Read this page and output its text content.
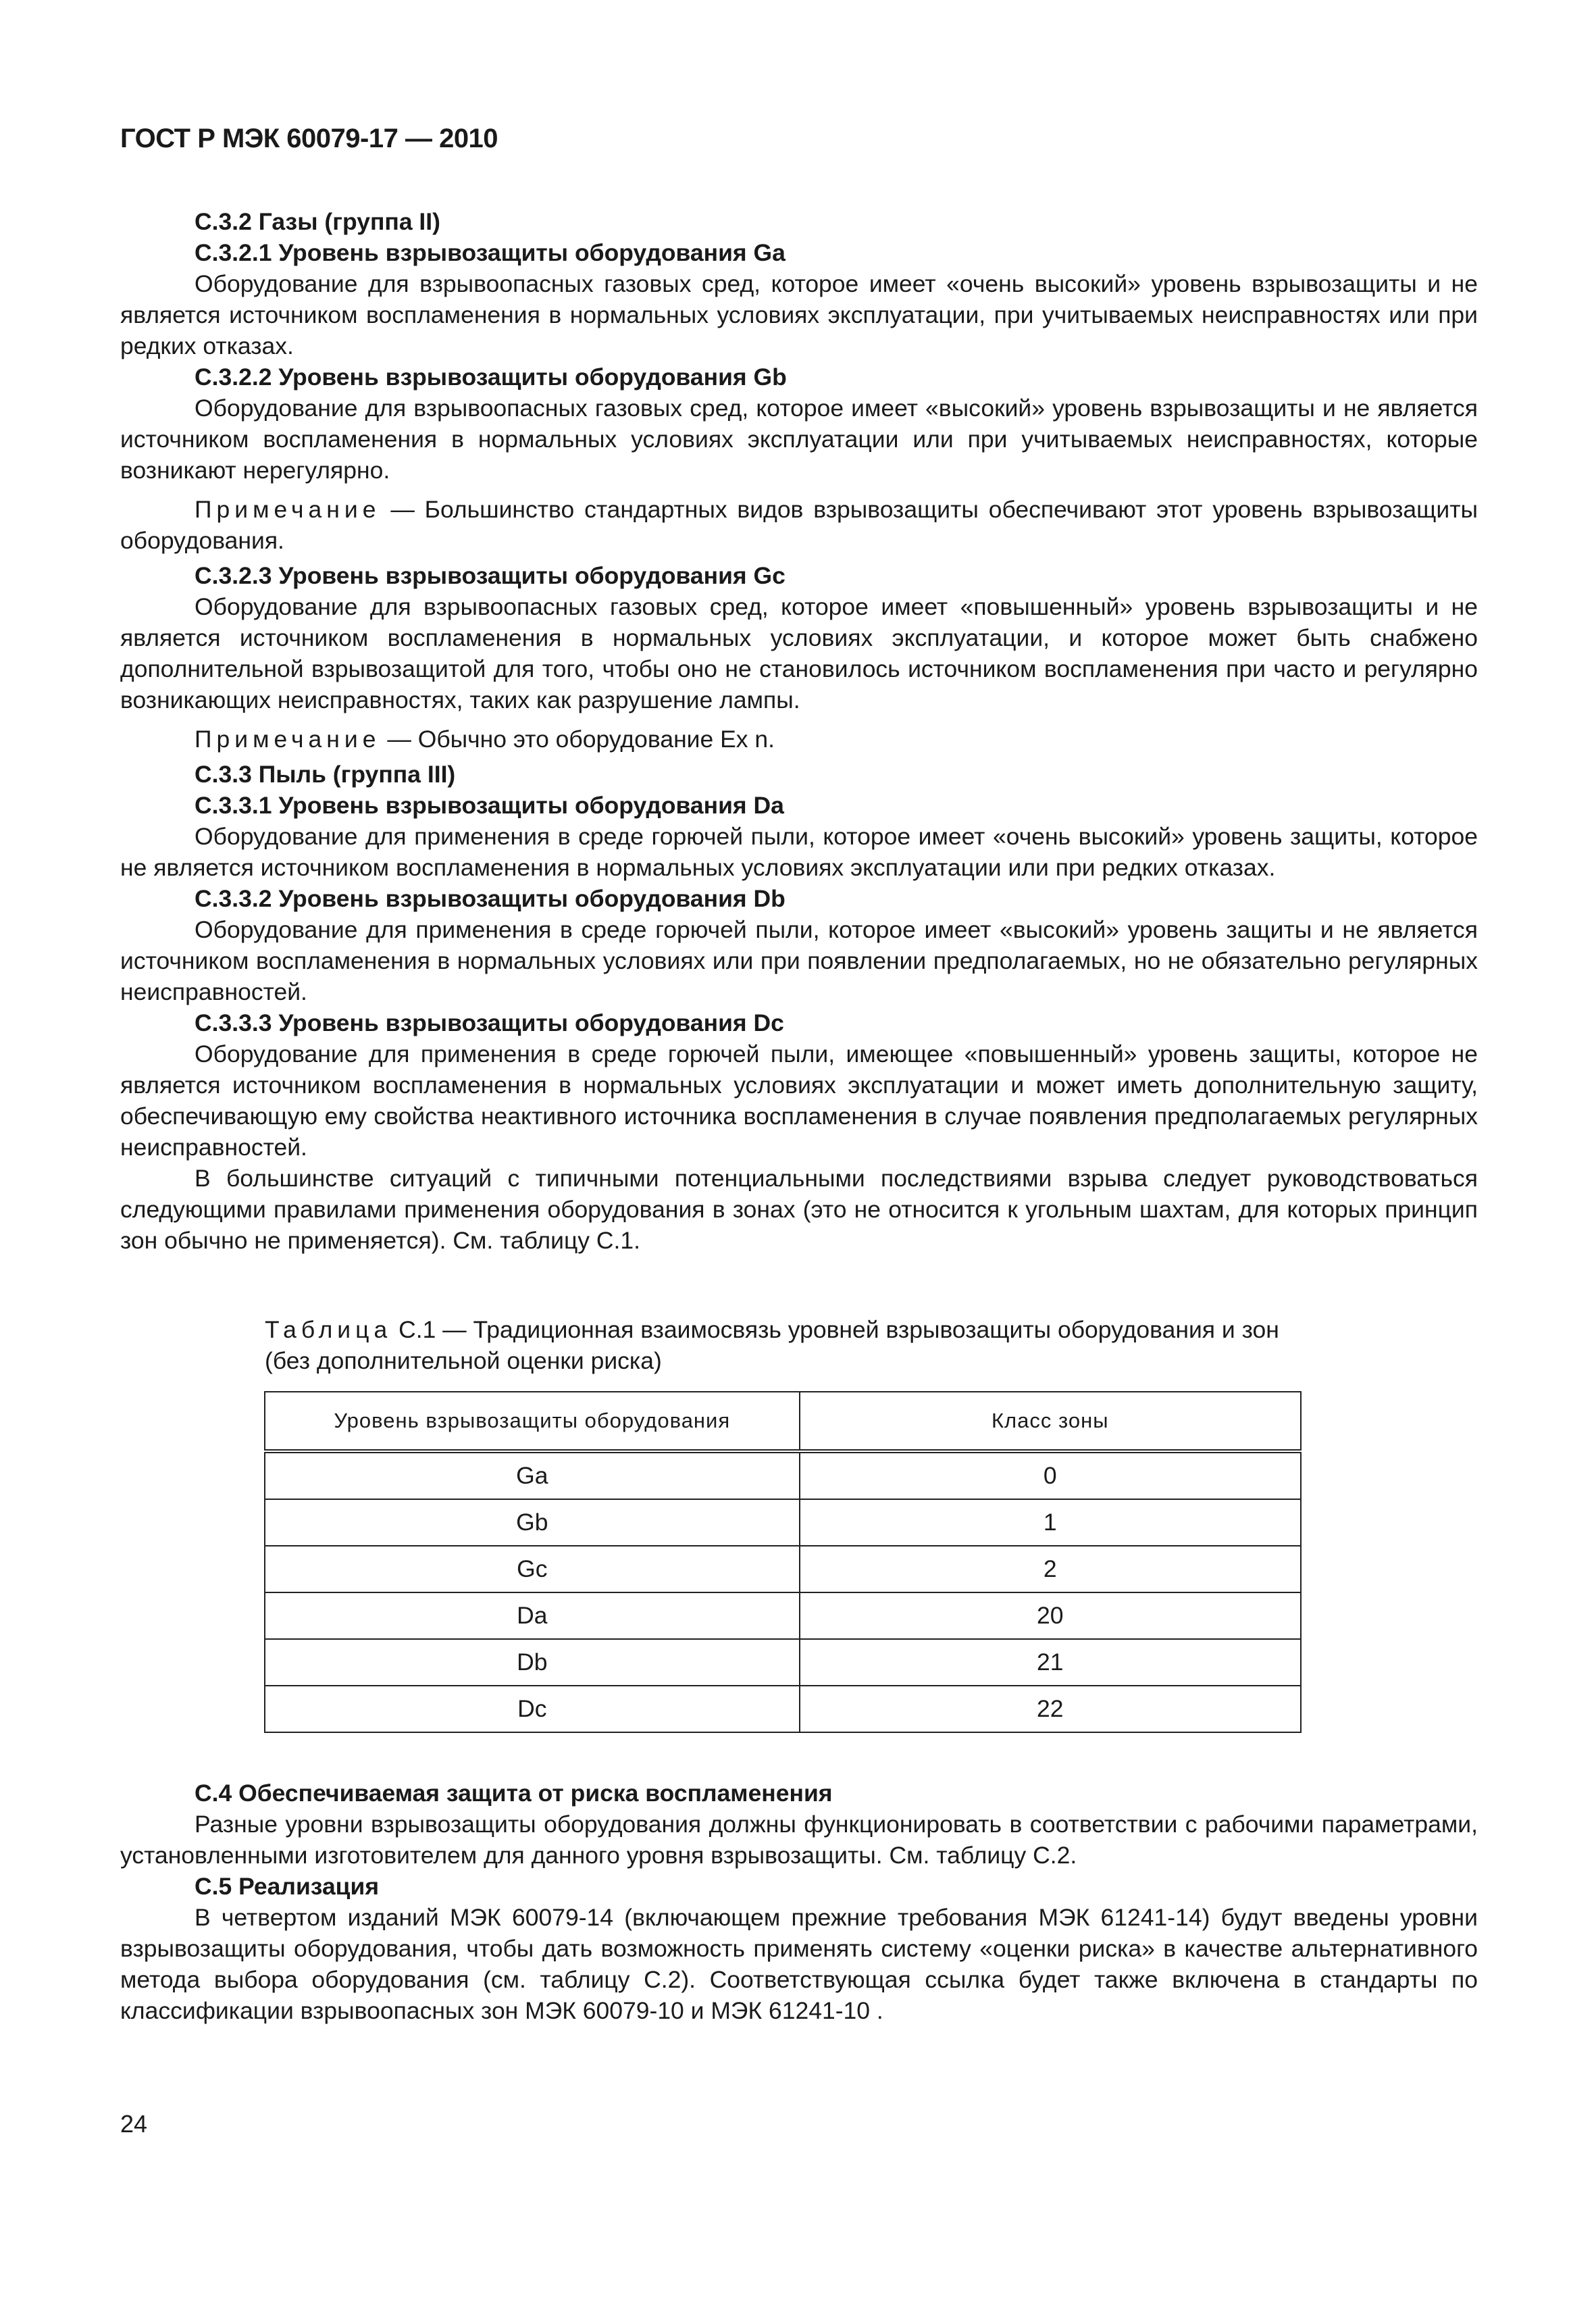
ГОСТ Р МЭК 60079-17 — 2010

С.3.2 Газы (группа II)

С.3.2.1 Уровень взрывозащиты оборудования Ga

Оборудование для взрывоопасных газовых сред, которое имеет «очень высокий» уровень взрывозащиты и не является источником воспламенения в нормальных условиях эксплуатации, при учитываемых неисправностях или при редких отказах.

С.3.2.2 Уровень взрывозащиты оборудования Gb

Оборудование для взрывоопасных газовых сред, которое имеет «высокий» уровень взрывозащиты и не является источником воспламенения в нормальных условиях эксплуатации или при учитываемых неисправностях, которые возникают нерегулярно.

Примечание — Большинство стандартных видов взрывозащиты обеспечивают этот уровень взрывозащиты оборудования.

С.3.2.3 Уровень взрывозащиты оборудования Gc

Оборудование для взрывоопасных газовых сред, которое имеет «повышенный» уровень взрывозащиты и не является источником воспламенения в нормальных условиях эксплуатации, и которое может быть снабжено дополнительной взрывозащитой для того, чтобы оно не становилось источником воспламенения при часто и регулярно возникающих неисправностях, таких как разрушение лампы.

Примечание — Обычно это оборудование Ex n.

С.3.3 Пыль (группа III)

С.3.3.1 Уровень взрывозащиты оборудования Da

Оборудование для применения в среде горючей пыли, которое имеет «очень высокий» уровень защиты, которое не является источником воспламенения в нормальных условиях эксплуатации или при редких отказах.

С.3.3.2 Уровень взрывозащиты оборудования Db

Оборудование для применения в среде горючей пыли, которое имеет «высокий» уровень защиты и не является источником воспламенения в нормальных условиях или при появлении предполагаемых, но не обязательно регулярных неисправностей.

С.3.3.3 Уровень взрывозащиты оборудования Dc

Оборудование для применения в среде горючей пыли, имеющее «повышенный» уровень защиты, которое не является источником воспламенения в нормальных условиях эксплуатации и может иметь дополнительную защиту, обеспечивающую ему свойства неактивного источника воспламенения в случае появления предполагаемых регулярных неисправностей.

В большинстве ситуаций с типичными потенциальными последствиями взрыва следует руководствоваться следующими правилами применения оборудования в зонах (это не относится к угольным шахтам, для которых принцип зон обычно не применяется). См. таблицу С.1.

Таблица С.1 — Традиционная взаимосвязь уровней взрывозащиты оборудования и зон (без дополнительной оценки риска)
Уровень взрывозащиты оборудования	Класс зоны
Ga	0
Gb	1
Gc	2
Da	20
Db	21
Dc	22

С.4 Обеспечиваемая защита от риска воспламенения

Разные уровни взрывозащиты оборудования должны функционировать в соответствии с рабочими параметрами, установленными изготовителем для данного уровня взрывозащиты. См. таблицу С.2.

С.5 Реализация

В четвертом изданий МЭК 60079-14 (включающем прежние требования МЭК 61241-14) будут введены уровни взрывозащиты оборудования, чтобы дать возможность применять систему «оценки риска» в качестве альтернативного метода выбора оборудования (см. таблицу С.2). Соответствующая ссылка будет также включена в стандарты по классификации взрывоопасных зон МЭК 60079-10 и МЭК 61241-10 .

24
